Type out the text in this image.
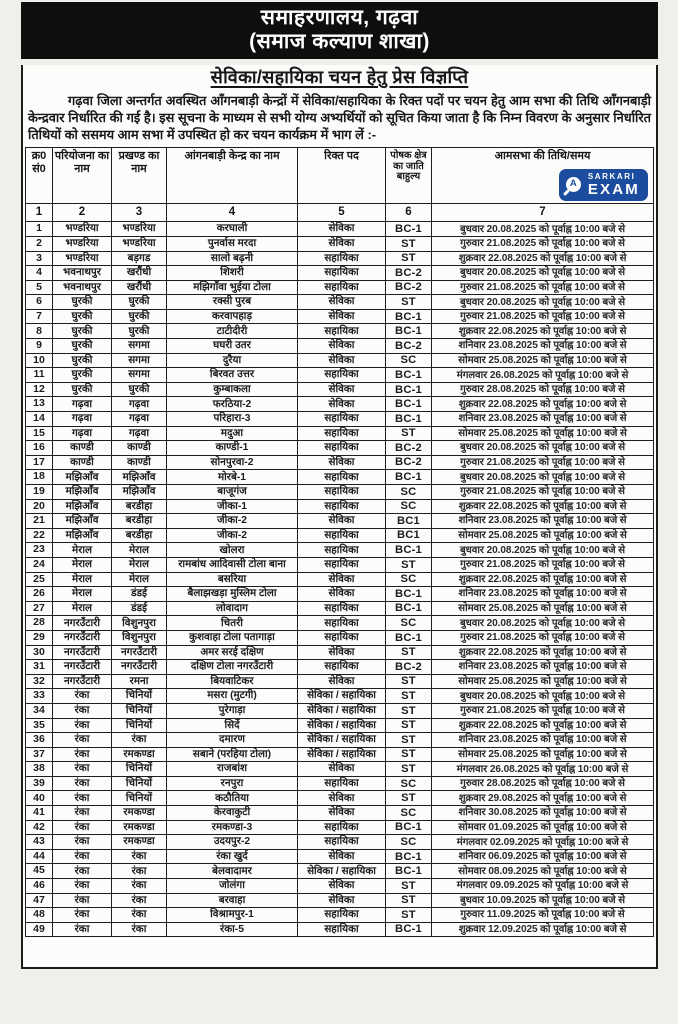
समाहरणालय, गढ़वा
(समाज कल्याण शाखा)
सेविका/सहायिका चयन हेतु प्रेस विज्ञप्ति

गढ़वा जिला अन्तर्गत अवस्थित आँगनबाड़ी केन्द्रों में सेविका/सहायिका के रिक्त पदों पर चयन हेतु आम सभा की तिथि आँगनबाड़ी केन्द्रवार निर्धारित की गई है। इस सूचना के माध्यम से सभी योग्य अभ्यर्थियों को सूचित किया जाता है कि निम्न विवरण के अनुसार निर्धारित तिथियों को ससमय आम सभा में उपस्थित हो कर चयन कार्यक्रम में भाग लें :-

क्र0 सं0	परियोजना का नाम	प्रखण्ड का नाम	आंगनबाड़ी केन्द्र का नाम	रिक्त पद	पोषक क्षेत्र का जाति बाहुल्य	आमसभा की तिथि/समय
A
SARKARI
EXAM

1	2	3	4	5	6	7
1	भण्डरिया	भण्डरिया	करघाली	सेविका	BC-1	बुधवार 20.08.2025 को पूर्वाह्न 10:00 बजे से
2	भण्डरिया	भण्डरिया	पुनर्वास मरदा	सेविका	ST	गुरुवार 21.08.2025 को पूर्वाह्न 10:00 बजे से
3	भण्डरिया	बड़गड	सालो बढ़नी	सहायिका	ST	शुक्रवार 22.08.2025 को पूर्वाह्न 10:00 बजे से
4	भवनाथपुर	खरौंधी	शिशरी	सहायिका	BC-2	बुधवार 20.08.2025 को पूर्वाह्न 10:00 बजे से
5	भवनाथपुर	खरौंधी	मझिगाँवा भुईया टोला	सहायिका	BC-2	गुरुवार 21.08.2025 को पूर्वाह्न 10:00 बजे से
6	घुरकी	घुरकी	रक्सी पुरब	सेविका	ST	बुधवार 20.08.2025 को पूर्वाह्न 10:00 बजे से
7	घुरकी	घुरकी	करवापहाड़	सेविका	BC-1	गुरुवार 21.08.2025 को पूर्वाह्न 10:00 बजे से
8	घुरकी	घुरकी	टाटीदीरी	सहायिका	BC-1	शुक्रवार 22.08.2025 को पूर्वाह्न 10:00 बजे से
9	घुरकी	सगमा	घघरी उतर	सेविका	BC-2	शनिवार 23.08.2025 को पूर्वाह्न 10:00 बजे से
10	घुरकी	सगमा	दुरैया	सेविका	SC	सोमवार 25.08.2025 को पूर्वाह्न 10:00 बजे से
11	घुरकी	सगमा	बिरवत उत्तर	सहायिका	BC-1	मंगलवार 26.08.2025 को पूर्वाह्न 10:00 बजे से
12	घुरकी	घुरकी	कुम्बाकला	सेविका	BC-1	गुरुवार 28.08.2025 को पूर्वाह्न 10:00 बजे से
13	गढ़वा	गढ़वा	फरठिया-2	सेविका	BC-1	शुक्रवार 22.08.2025 को पूर्वाह्न 10:00 बजे से
14	गढ़वा	गढ़वा	परिहारा-3	सहायिका	BC-1	शनिवार 23.08.2025 को पूर्वाह्न 10:00 बजे से
15	गढ़वा	गढ़वा	मदुआ	सहायिका	ST	सोमवार 25.08.2025 को पूर्वाह्न 10:00 बजे से
16	काण्डी	काण्डी	काण्डी-1	सहायिका	BC-2	बुधवार 20.08.2025 को पूर्वाह्न 10:00 बजे से
17	काण्डी	काण्डी	सोनपुरवा-2	सेविका	BC-2	गुरुवार 21.08.2025 को पूर्वाह्न 10:00 बजे से
18	मझिआँव	मझिआँव	मोरबे-1	सहायिका	BC-1	बुधवार 20.08.2025 को पूर्वाह्न 10:00 बजे से
19	मझिआँव	मझिआँव	बाजूगंज	सहायिका	SC	गुरुवार 21.08.2025 को पूर्वाह्न 10:00 बजे से
20	मझिआँव	बरडीहा	जीका-1	सहायिका	SC	शुक्रवार 22.08.2025 को पूर्वाह्न 10:00 बजे से
21	मझिआँव	बरडीहा	जीका-2	सेविका	BC1	शनिवार 23.08.2025 को पूर्वाह्न 10:00 बजे से
22	मझिआँव	बरडीहा	जीका-2	सहायिका	BC1	सोमवार 25.08.2025 को पूर्वाह्न 10:00 बजे से
23	मेराल	मेराल	खोलरा	सहायिका	BC-1	बुधवार 20.08.2025 को पूर्वाह्न 10:00 बजे से
24	मेराल	मेराल	रामबांध आदिवासी टोला बाना	सहायिका	ST	गुरुवार 21.08.2025 को पूर्वाह्न 10:00 बजे से
25	मेराल	मेराल	बसरिया	सेविका	SC	शुक्रवार 22.08.2025 को पूर्वाह्न 10:00 बजे से
26	मेराल	डंडई	बैलाझखड़ा मुस्लिम टोला	सेविका	BC-1	शनिवार 23.08.2025 को पूर्वाह्न 10:00 बजे से
27	मेराल	डंडई	लोवादाग	सहायिका	BC-1	सोमवार 25.08.2025 को पूर्वाह्न 10:00 बजे से
28	नगरउँटारी	विशुनपुरा	चितरी	सहायिका	SC	बुधवार 20.08.2025 को पूर्वाह्न 10:00 बजे से
29	नगरउँटारी	विशुनपुरा	कुशवाहा टोला पतागाड़ा	सहायिका	BC-1	गुरुवार 21.08.2025 को पूर्वाह्न 10:00 बजे से
30	नगरउँटारी	नगरउँटारी	अमर सरई दक्षिण	सेविका	ST	शुक्रवार 22.08.2025 को पूर्वाह्न 10:00 बजे से
31	नगरउँटारी	नगरउँटारी	दक्षिण टोला नगरउँटारी	सहायिका	BC-2	शनिवार 23.08.2025 को पूर्वाह्न 10:00 बजे से
32	नगरउँटारी	रमना	बियवाटिकर	सेविका	ST	सोमवार 25.08.2025 को पूर्वाह्न 10:00 बजे से
33	रंका	चिनियों	मसरा (मुटगी)	सेविका / सहायिका	ST	बुधवार 20.08.2025 को पूर्वाह्न 10:00 बजे से
34	रंका	चिनियों	पुरेगाड़ा	सेविका / सहायिका	ST	गुरुवार 21.08.2025 को पूर्वाह्न 10:00 बजे से
35	रंका	चिनियों	सिर्दे	सेविका / सहायिका	ST	शुक्रवार 22.08.2025 को पूर्वाह्न 10:00 बजे से
36	रंका	रंका	दमारण	सेविका / सहायिका	ST	शनिवार 23.08.2025 को पूर्वाह्न 10:00 बजे से
37	रंका	रमकण्डा	सबाने (परहिया टोला)	सेविका / सहायिका	ST	सोमवार 25.08.2025 को पूर्वाह्न 10:00 बजे से
38	रंका	चिनियों	राजबांश	सेविका	ST	मंगलवार 26.08.2025 को पूर्वाह्न 10:00 बजे से
39	रंका	चिनियों	रनपुरा	सहायिका	SC	गुरुवार 28.08.2025 को पूर्वाह्न 10:00 बजे से
40	रंका	चिनियों	कठौतिया	सेविका	ST	शुक्रवार 29.08.2025 को पूर्वाह्न 10:00 बजे से
41	रंका	रमकण्डा	केरवाकुटी	सेविका	SC	शनिवार 30.08.2025 को पूर्वाह्न 10:00 बजे से
42	रंका	रमकण्डा	रमकण्डा-3	सहायिका	BC-1	सोमवार 01.09.2025 को पूर्वाह्न 10:00 बजे से
43	रंका	रमकण्डा	उदयपुर-2	सहायिका	SC	मंगलवार 02.09.2025 को पूर्वाह्न 10:00 बजे से
44	रंका	रंका	रंका खुर्द	सेविका	BC-1	शनिवार 06.09.2025 को पूर्वाह्न 10:00 बजे से
45	रंका	रंका	बेलवादामर	सेविका / सहायिका	BC-1	सोमवार 08.09.2025 को पूर्वाह्न 10:00 बजे से
46	रंका	रंका	जोलंगा	सेविका	ST	मंगलवार 09.09.2025 को पूर्वाह्न 10:00 बजे से
47	रंका	रंका	बरवाहा	सेविका	ST	बुधवार 10.09.2025 को पूर्वाह्न 10:00 बजे से
48	रंका	रंका	विश्रामपुर-1	सहायिका	ST	गुरुवार 11.09.2025 को पूर्वाह्न 10:00 बजे से
49	रंका	रंका	रंका-5	सहायिका	BC-1	शुक्रवार 12.09.2025 को पूर्वाह्न 10:00 बजे से
